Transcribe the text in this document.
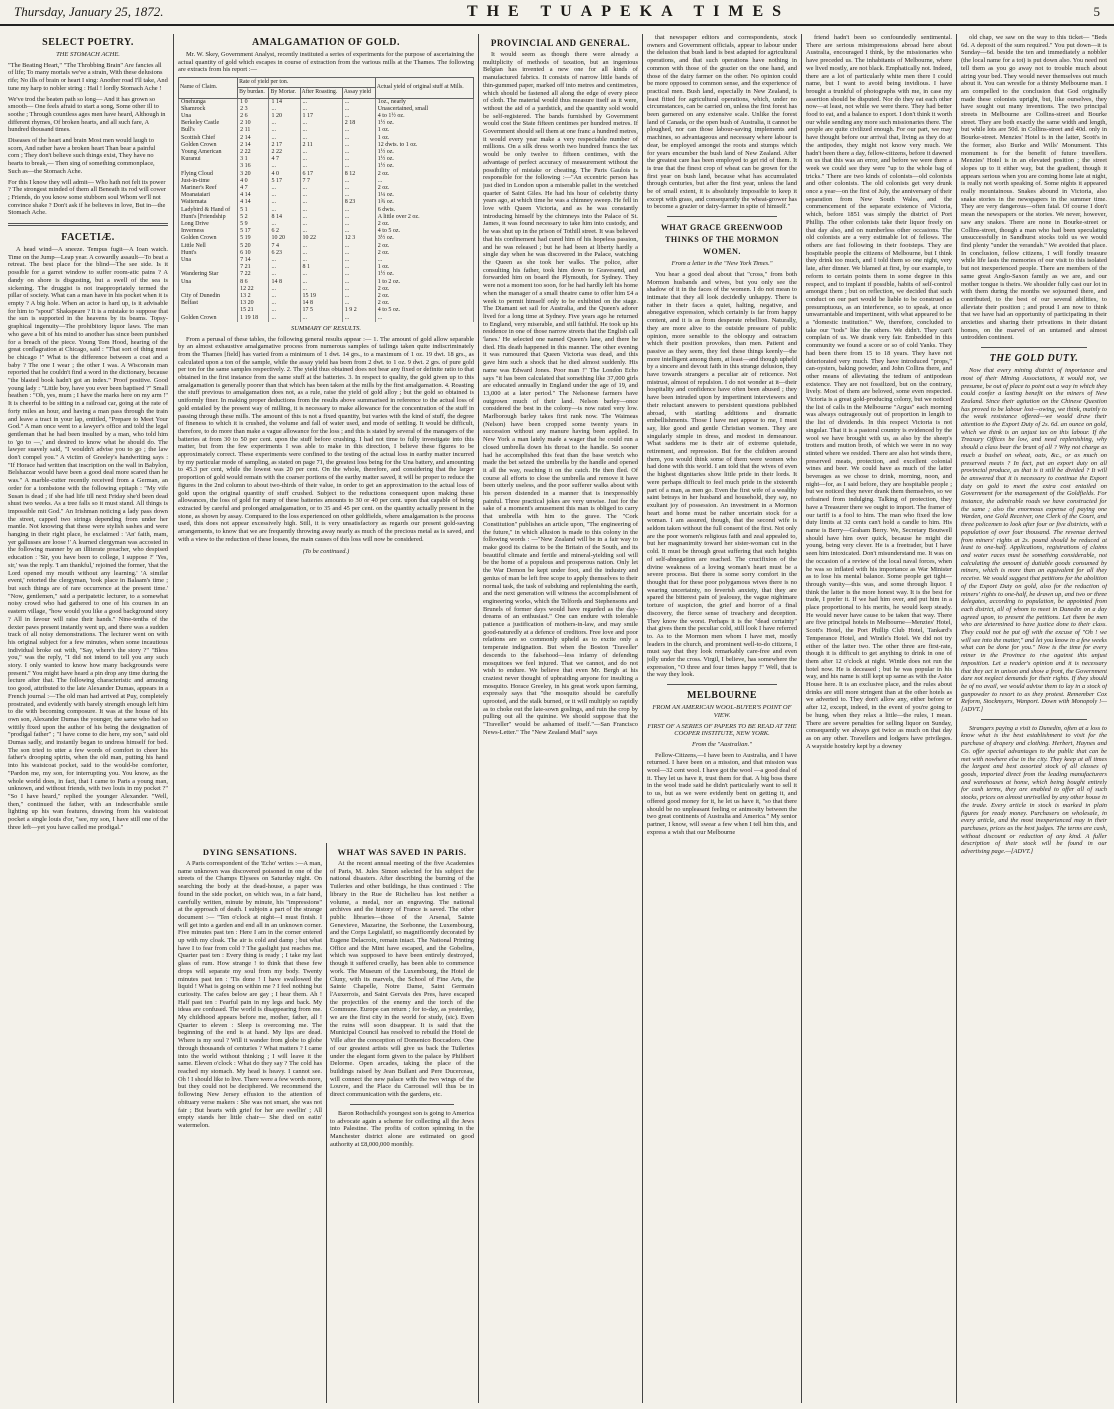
Thursday, January 25, 1872.	THE TUAPEKA TIMES	5
SELECT POETRY.
THE STOMACH ACHE.

"The Beating Heart," "The Throbbing Brain" Are fancies all of life; To many mortals we've a strain, With these delusions rife; No ills of brain or heart I sing: Another road I'll take, And tune my harp to nobler string : Hail ! lordly Stomach Ache !

We've trod the beaten path so long— And it has grown so smooth— One feels afraid to start a song, Some other ill to soothe ; Through countless ages men have heard, Although in different rhymes, Of broken hearts, and all such fare, A hundred thousand times.

Diseases of the heart and brain Most men would laugh to scorn, And rather have a broken heart Than bear a painful corn ; They don't believe such things exist, They have no hearts to break,— Then sing of something commonplace, Such as—the Stomach Ache.

For this I know they will admit— Who hath not felt its power ? The strongest minded of them all Beneath its rod will cower ; Friends, do you know some stubborn soul Whom we'll not convince shake ? Don't ask if he believes in love, But in—the Stomach Ache.

FACETIÆ.

A head wind—A sneeze. Tempus fugit—A Ioan watch. Time on the Jump—Leap year. A cowardly assault—To beat a retreat. The best place for the blind—The see side. Is it possible for a garret window to suffer room-atic pains ? A dandy on shore is disgusting, but a swell of the sea is sickening. The druggist is not inappropriately termed the pillar of society. What can a man have in his pocket when it is empty ? A big hole. When an actor is hard up, is it advisable for him to "spout" Shakspeare ? It is a mistake to suppose that the sun is supported in the heavens by its beams. Topsy-graphical ingenuity—The prohibitory liquor laws. The man who gave a bit of his mind to another has since been punished for a breach of the piece. Young Tom Hood, hearing of the great conflagration at Chicago, said : "That sort of thing must be chicago !" What is the difference between a coat and a baby ? The one I wear ; the other I was. A Wisconsin man reported that he couldn't find a word in the dictionary, because "the blasted book hadn't got an index." Proof positive. Good young lady : "Little boy, have you ever been baptised ?" Small heathen : "Oh, yes, mum ; I have the marks here on my arm !" It is cheerful to be sitting in a railroad car, going at the rate of forty miles an hour, and having a man pass through the train and leave a tract in your lap, entitled, "Prepare to Meet Your God." A man once went to a lawyer's office and told the legal gentleman that he had been insulted by a man, who told him to 'go to —,' and desired to know what he should do. The lawyer suavely said, "I wouldn't advise you to go ; the law don't compel you." A victim of Greeley's handwriting says : "If Horace had written that inscription on the wall in Babylon, Belshazzar would have been a good deal more scared than he was." A marble-cutter recently received from a German, an order for a tombstone with the following epitaph : "My vife Susan is dead ; if she had life till next Friday she'd been dead shust two weeks. As a tree falls so it must stand. All things is impossible mit God." An Irishman noticing a lady pass down the street, capped two strings depending from under her mantle. Not knowing that these were stylish sashes and were hanging in their right place, he exclaimed : 'An' faith, mam, yer gallusses are loose !' A learned clergyman was accosted in the following manner by an illiterate preacher, who despised education : 'Sir, you have been to college, I suppose ?' 'Yes, sir,' was the reply. 'I am thankful,' rejoined the former, 'that the Lord opened my mouth without any learning.' 'A similar event,' retorted the clergyman, 'took place in Balaam's time ; but such things are of rare occurrence at the present time.' "Now, gentlemen," said a peripatetic lecturer, to a somewhat noisy crowd who had gathered to one of his courses in an eastern village, "how would you like a good background story ? All in favour will raise their hands." Nine-tenths of the dexter paws present instantly went up, and there was a sudden track of all noisy demonstrations. The lecturer went on with his original subject for a few minutes, when some incautious individual broke out with, "Say, where's the story ?" "Bless you," was the reply, "I did not intend to tell you any such story. I only wanted to know how many backgrounds were present." You might have heard a pin drop any time during the lecture after that. The following characteristic and amusing too good, attributed to the late Alexander Dumas, appears in a French journal :—The old man had arrived at Puy, completely prostrated, and evidently with barely strength enough left him to die with becoming composure. It was at the house of his own son, Alexander Dumas the younger, the same who had so wittily fixed upon the author of his being the designation of "prodigal father" ; "I have come to die here, my son," said old Dumas sadly, and instantly began to undress himself for bed. The son tried to utter a few words of comfort to cheer his father's drooping spirits, when the old man, putting his hand into his waistcoat pocket, said to the would-be comforter, "Pardon me, my son, for interrupting you. You know, as the whole world does, in fact, that I came to Paris a young man, unknown, and without friends, with two louis in my pocket ?" "So I have heard," replied the younger Alexander. "Well, then," continued the father, with an indescribable smile lighting up his wan features, drawing from his waistcoat pocket a single louis d'or, "see, my son, I have still one of the three left—yet you have called me prodigal."

AMALGAMATION OF GOLD.

Mr. W. Skey, Government Analyst, recently instituted a series of experiments for the purpose of ascertaining the actual quantity of gold which escapes in course of extraction from the various mills at the Thames. The following are extracts from his report :—

Name of Claim.	Rate of yield per ton.				Actual yield of original stuff at Mills.
	By burdan.	By Mortar.	After Roasting.	Assay yield	
Onehunga	1 0	1 14	...	...	1oz., nearly
Shamrock	2 3	...	...	...	Unascertained, small
Una	2 6	1 20	1 17	...	4 to 1½ oz.
Berkeley Castle	2 10	...	...	2 18	1½ oz.
Bull's	2 11	...	...	...	1 oz.
Scottish Chief	2 14	...	...	...	1 oz.
Golden Crown	2 14	2 17	2 11	...	12 dwts. to 1 oz.
Young American	2 22	2 22	...	...	1½ oz.
Kuranui	3 1	4 7	...	...	1½ oz.
	3 16	...	...	...	1½ oz.
Flying Cloud	3 20	4 0	6 17	8 12	2 oz.
Just-in-time	4 0	5 17	7 7	...	...
Mariner's Reef	4 7	...	...	...	2 oz.
Moanataiari	4 14	...	...	...	1¼ oz.
Waitemata	4 14	...	...	8 23	1¾ oz.
Ladybird & Hand of	5 1	...	...	...	6 dwts.
Hunt's [Friendship	5 2	8 14	...	...	A little over 2 oz.
Long Drive	5 9	...	...	...	2 oz.
Inverness	5 17	6 2	...	...	4 to 5 oz.
Golden Crown	5 19	10 20	10 22	12 3	3½ oz.
Little Nell	5 20	7 4	...	...	2 oz.
Hunt's	6 10	6 23	...	...	2 oz.
Una	7 14	...	...	...	...
	7 21	...	8 1	...	1 oz.
Wandering Star	7 22	...	...	...	1½ oz.
Una	8 6	14 8	...	...	1 to 2 oz.
	12 22	...	...	...	2 oz.
City of Dunedin	13 2	...	15 19	...	2 oz.
Belfast	13 20	...	14 8	...	2 oz.
	15 21	...	17 5	1 9 2	4 to 5 oz.
Golden Crown	1 19 18	...	...	...	...
SUMMARY OF RESULTS.

From a perusal of these tables, the following general results appear :— 1. The amount of gold allow separable by an almost exhaustive amalgamative process from numerous samples of tailings taken quite indiscriminately from the Thames [field] has varied from a minimum of 1 dwt. 14 grs., to a maximum of 1 oz. 19 dwt. 18 grs., as calculated upon a ton of the sample, while the assay yield has been from 2 dwt. to 1 oz. 9 dwt. 2 grs. of pure gold per ton for the same samples respectively. 2. The yield thus obtained does not bear any fixed or definite ratio to that obtained in the first instance from the same stuff at the batteries. 3. In respect to quality, the gold given up to this amalgamation is generally poorer than that which has been taken at the mills by the first amalgamation. 4. Roasting the stuff previous to amalgamation does not, as a rule, raise the yield of gold alloy ; but the gold so obtained is uniformly finer. In making proper deductions from the results above summarised in reference to the actual loss of gold entailed by the present way of milling, it is necessary to make allowance for the concentration of the stuff in passing through these mills. The amount of this is not a fixed quantity, but varies with the kind of stuff, the degree of fineness to which it is crushed, the volume and fall of water used, and mode of settling. It would be difficult, therefore, to do more than make a vague allowance for the loss ; and this is stated by several of the managers of the batteries at from 30 to 50 per cent. upon the stuff before crushing. I had not time to fully investigate into this matter, but from the few experiments I was able to make in this direction, I believe these figures to be approximately correct. These experiments were confined to the testing of the actual loss in earthy matter incurred by my particular mode of sampling, as stated on page 71, the greatest loss being for the Una battery, and amounting to 45.3 per cent, while the lowest was 20 per cent. On the whole, therefore, and considering that the larger proportion of gold would remain with the coarser portions of the earthy matter saved, it will be proper to reduce the figures in the 2nd column to about two-thirds of their value, in order to get an approximation to the actual loss of gold upon the original quantity of stuff crushed. Subject to the reductions consequent upon making these allowances, the loss of gold for many of these batteries amounts to 30 or 40 per cent. upon that capable of being extracted by careful and prolonged amalgamation, or to 35 and 45 per cent. on the quantity actually present in the stone, as shown by assay. Compared to the loss experienced on other goldfields, where amalgamation is the process used, this does not appear excessively high. Still, it is very unsatisfactory as regards our present gold-saving arrangements, to know that we are frequently throwing away nearly as much of the precious metal as is saved, and with a view to the reduction of these losses, the main causes of this loss will now be considered.

(To be continued.)
DYING SENSATIONS.

A Paris correspondent of the 'Echo' writes :—A man, name unknown was discovered poisoned in one of the streets of the Champs Elysees on Saturday night. On searching the body at the dead-house, a paper was found in the side pocket, on which was, in a fair hand, carefully written, minute by minute, his "impressions" at the approach of death. I subjoin a part of the strange document :— "Ten o'clock at night—I must finish. I will get into a garden and end all in an unknown corner. Five minutes past ten : Here I am in the corner entered up with my cloak. The air is cold and damp ; but what have I to fear from cold ? The gaslight just reaches me. Quarter past ten : Every thing is ready ; I take my last glass of rum. How strange ! to think that these few drops will separate my soul from my body. Twenty minutes past ten : 'Tis done ! I have swallowed the liquid ! What is going on within me ? I feel nothing but curiosity. The cafes below are gay ; I hear them. Ah ! Half past ten : Fearful pain in my legs and back. My ideas are confused. The world is disappearing from me. My childhood appears before me, mother, father, all ! Quarter to eleven : Sleep is overcoming me. The beginning of the end is at hand. My lips are dead. Where is my soul ? Will it wander from globe to globe through thousands of centuries ? What matters ? I came into the world without thinking ; I will leave it the same. Eleven o'clock : What do they say ? The cold has reached my stomach. My head is heavy. I cannot see. Oh ! I should like to live. There were a few words more, but they could not be deciphered. We recommend the following New Jersey effusion to the attention of obituary verse makers : She was not smart, she was not fair ; But hearts with grief for her are swellin' ; All empty stands her little chair— She died on eatin' watermelon.

WHAT WAS SAVED IN PARIS.

At the recent annual meeting of the five Academies of Paris, M. Jules Simon selected for his subject the national disasters. After describing the burning of the Tuileries and other buildings, he thus continued : The library in the Rue de Richelieu has lost neither a volume, a medal, nor an engraving. The national archives and the history of France is saved. The other public libraries—those of the Arsenal, Sainte Genevieve, Mazarine, the Sorbonne, the Luxembourg, and the Corps Legislatif, so magnificently decorated by Eugene Delacroix, remain intact. The National Printing Office and the Mint have escaped, and the Gobelins, which was supposed to have been entirely destroyed, though it suffered cruelly, has been able to commence work. The Museum of the Luxembourg, the Hotel de Cluny, with its marvels, the School of Fine Arts, the Sainte Chapelle, Notre Dame, Saint Germain l'Auxerrois, and Saint Gervais des Pres, have escaped the projectiles of the enemy and the torch of the Commune. Europe can return ; for to-day, as yesterday, we are the first city in the world for study, (sic). Even the ruins will soon disappear. It is said that the Municipal Council has resolved to rebuild the Hotel de Ville after the conception of Domenico Boccadoro. One of our greatest artists will give us back the Tuileries under the elegant form given to the palace by Philibert Delorme. Open arcades, taking the place of the buildings raised by Jean Bullant and Pere Ducerceau, will connect the new palace with the two wings of the Louvre, and the Place du Carrousel will thus be in direct communication with the gardens, etc.

Baron Rothschild's youngest son is going to America to advocate again a scheme for collecting all the Jews into Palestine. The profits of cotton spinning in the Manchester district alone are estimated on good authority at £8,000,000 monthly.

PROVINCIAL AND GENERAL.

It would seem as though there were already a multiplicity of methods of taxation, but an ingenious Belgian has invented a new one for all kinds of manufactured fabrics. It consists of narrow little bands of thin-gummed paper, marked off into metres and centimetres, which should be fastened all along the edge of every piece of cloth. The material would thus measure itself as it were, without the aid of a yardstick, and the quantity sold would be self-registered. The bands furnished by Government would cost the State fifteen centimes per hundred metres. If Government should sell them at one franc a hundred metres, it would every year make a very respectable number of millions. On a silk dress worth two hundred francs the tax would be only twelve to fifteen centimes, with the advantage of perfect accuracy of measurement without the possibility of mistake or cheating. The Paris Gaulois is responsible for the following :—"An eccentric person has just died in London upon a miserable pallet in the wretched quarter of Saint Giles. He had his hour of celebrity thirty years ago, at which time he was a chimney sweep. He fell in love with Queen Victoria, and as he was constantly introducing himself by the chimneys into the Palace of St. James, it was found necessary to take him into custody, and he was shut up in the prison of Tothill street. It was believed that his confinement had cured him of his hopeless passion, and he was released ; but he had been at liberty hardly a single day when he was discovered in the Palace, watching the Queen as she took her walks. The police, after consulting his father, took him down to Gravesend, and forwarded him on board the Plymouth, for Sydney. They were not a moment too soon, for he had hardly left his home when the manager of a small theatre came to offer him £4 a week to permit himself only to be exhibited on the stage. The Diamant set sail for Australia, and the Queen's adorer lived for a long time at Sydney. Five years ago he returned to England, very miserable, and still faithful. He took up his residence in one of those narrow streets that the English call 'lanes.' He selected one named Queen's lane, and there he died. His death happened in this manner. The other evening it was rumoured that Queen Victoria was dead, and this gave him such a shock that he died almost suddenly. His name was Edward Jones. Poor man !" The London Echo says "it has been calculated that something like 37,000 girls are educated annually in England under the age of 19, and 13,000 at a later period." The Nelsonese farmers have outgrown much of their land. Nelson barley—once considered the best in the colony—is now rated very low. Marlborough barley takes first rank now. The Waimeas (Nelson) have been cropped some twenty years in succession without any manure having been applied. In New York a man lately made a wager that he could run a closed umbrella down his throat to the handle. So sooner had he accomplished this feat than the base wretch who made the bet seized the umbrella by the handle and opened it all the way, reaching it on the catch. He then fled. Of course all efforts to close the umbrella and remove it have been utterly useless, and the poor sufferer walks about with his person distended in a manner that is inexpressibly painful. Three practical jokes are very unwise. Just for the sake of a moment's amusement this man is obliged to carry that umbrella with him to the grave. The "Cork Constitution" publishes an article upon, "The engineering of the future," in which allusion is made to this colony in the following words : —"New Zealand will be in a fair way to make good its claims to be the Britain of the South, and its beautiful climate and fertile and mineral-yielding soil will be the home of a populous and prosperous nation. Only let the War Demon be kept under foot, and the industry and genius of man be left free scope to apply themselves to their normal task, the task of subduing and replenishing the earth, and the next generation will witness the accomplishment of engineering works, which the Telfords and Stephensons and Brunels of former days would have regarded as the day-dreams of an enthusiast." One can endure with tolerable patience a justification of mothers-in-law, and may smile good-naturedly at a defence of creditors. Free love and poor relations are so commonly upheld as to excite only a temperate indignation. But when the Boston 'Traveller' descends to the falsehood—less infamy of defending mosquitoes we feel injured. That we cannot, and do not wish to endure. We believe that even Mr. Bergh at his craziest never thought of upbraiding anyone for insulting a mosquito. Horace Greeley, in his great work upon farming, expressly says that "the mosquito should be carefully uprooted, and the stalk burned, or it will multiply so rapidly as to choke out the late-sown goslings, and ruin the crop by pulling out all the quinine. We should suppose that the "Traveller" would be ashamed of itself."—San Francisco News-Letter." The "New Zealand Mail" says

that newspaper editors and correspondents, stock owners and Government officials, appear to labour under the delusion that bush land is best adapted for agricultural operations, and that such operations have nothing in common with those of the grazier on the one hand, and those of the dairy farmer on the other. No opinion could be more opposed to common sense, and the experience of practical men. Bush land, especially in New Zealand, is least fitted for agricultural operations, which, under no circumstances, can be carried on, unless the first forest has been garnered on any extensive scale. Unlike the forest land of Canada, or the open bush of Australia, it cannot be ploughed, nor can those labour-saving implements and machines, so advantageous and necessary where labour is dear, be employed amongst the roots and stumps which for years encumber the bush land of New Zealand. After the greatest care has been employed to get rid of them. It is true that the finest crop of wheat can be grown for the first year on bush land, because what has accumulated through centuries, but after the first year, unless the land be of small extent, it is absolutely impossible to keep it except with grass, and consequently the wheat-grower has to become a grazier or dairy-farmer in spite of himself."

WHAT GRACE GREENWOOD THINKS OF THE MORMON WOMEN.
From a letter in the "New York Times."

You hear a good deal about that "cross," from both Mormon husbands and wives, but you only see the shadow of it in the faces of the women. I do not mean to intimate that they all look decidedly unhappy. There is rather in their faces a quiet, halting, negative, and abnegative expression, which certainly is far from happy content, and it is as from desperate rebellion. Naturally, they are more alive to the outside pressure of public opinion, more sensible to the obloquy and ostracism which their position provokes, than men. Patient and passive as they seem, they feel these things keenly—the more intelligent among them, at least—and though upheld by a sincere and devout faith in this strange delusion, they have towards strangers a peculiar air of reticence. Not mistrust, almost of repulsion. I do not wonder at it—their hospitality and confidence have often been abused ; they have been intruded upon by impertinent interviewers and their reluctant answers to persistent questions published abroad, with startling additions and dramatic embellishments. Those I have met appear to me, I must say, like good and gentle Christian women. They are singularly simple in dress, and modest in demeanour. What saddens me is their air of extreme quietude, retirement, and repression. But for the children around them, you would think some of them were women who had done with this world. I am told that the wives of even the highest dignitaries show little pride in their lords. It were perhaps difficult to feel much pride in the sixteenth part of a man, as men go. Even the first wife of a wealthy saint betrays in her husband and household, they say, no exultant joy of possession. An investment in a Mormon heart and home must be rather uncertain stock for a woman. I am assured, though, that the second wife is seldom taken without the full consent of the first. Not only are the poor women's religious faith and zeal appealed to, but her magnanimity toward her sister-woman cut in the cold. It must be through great suffering that such heights of self-abnegation are reached. The crucifixion of the divine weakness of a loving woman's heart must be a severe process. But there is some sorry comfort in the thought that for these poor polygamous wives there is no wearing uncertainty, no feverish anxiety, that they are spared the bitterest pain of jealousy, the vague nightmare torture of suspicion, the grief and horror of a final discovery, the fierce sense of treachery and deception. They know the worst. Perhaps it is the "dead certainty" that gives them the peculiar cold, still look I have referred to. As to the Mormon men whom I have met, mostly leaders in the church, and prominent well-to-do citizens, I must say that they look remarkably care-free and even jolly under the cross. Virgil, I believe, has somewhere the expression, "O three and four times happy !" Well, that is the way they look.

MELBOURNE
FROM AN AMERICAN WOOL-BUYER'S POINT OF VIEW.
FIRST OF A SERIES OF PAPERS TO BE READ AT THE COOPER INSTITUTE, NEW YORK.
From the "Australian."

Fellow-Citizens,—I have been to Australia, and I have returned. I have been on a mission, and that mission was wool—32 cent wool. I have got the wool —a good deal of it. They let us have it, trust them for that. A big boss there in the wool trade said he didn't particularly want to sell it to us, but as we were evidently bent on getting it, and offered good money for it, he let us have it, "so that there should be no unpleasant feeling or animosity between the two great continents of Australia and America." My senior partner, I know, will swear a few when I tell him this, and express a wish that our Melbourne

friend hadn't been so confoundedly sentimental. There are serious misimpressions abroad here about Australia, encouraged I think, by the missionaries who have preceded us. The inhabitants of Melbourne, where we lived mostly, are not black. Emphatically not. Indeed, there are a lot of particularly white men there I could name, but I want to avoid being invidious. I have brought a trunkful of photographs with me, in case my assertion should be disputed. Nor do they eat each other now—at least, not while we were there. They had better food to eat, and a balance to export. I don't think it worth our while sending any more such missionaries there. The people are quite civilized enough. For our part, we may have thought before our arrival that, living as they do at the antipodes, they might not know very much. We hadn't been there a day, fellow-citizens, before it dawned on us that this was an error, and before we were there a week we could see they were "up to the whole bag of tricks." There are two kinds of colonists—old colonists and other colonists. The old colonists get very drunk once a year—on the first of July, the anniversary of their separation from New South Wales, and the commencement of the separate existence of Victoria, which, before 1851 was simply the district of Port Phillip. The other colonists take their liquor freely on that day also, and on numberless other occasions. The old colonists are a very estimable lot of fellows. The others are fast following in their footsteps. They are hospitable people the citizens of Melbourne, but I think they drink too much, and I told them so one night, very late, after dinner. We blamed at first, by our example, to reform to certain points them in some degree in this respect, and to implant if possible, habits of self-control amongst them ; but on reflection, we decided that such conduct on our part would be liable to be construed as presumptuous, as an interference, so to speak, at once unwarrantable and impertinent, with what appeared to be a "domestic institution." We, therefore, concluded to take our "tods" like the others. We didn't. They can't complain of us. We drank very fair. Embedded in this community we found a score or so of cold Yanks. They had been there from 15 to 18 years. They have not deteriorated very much. They have introduced "props," can-oysters, baking powder, and John Collins there, and other means of alleviating the tedium of antipodean existence. They are not fossilized, but on the contrary, lively. Most of them are beloved, some even respected. Victoria is a great gold-producing colony, but we noticed the list of calls in the Melbourne "Argus" each morning was always outrageously out of proportion in length to the list of dividends. In this respect Victoria is not singular. That it is a pastoral country is evidenced by the wool we have brought with us, as also by the sheep's trotters and mutton broth, of which we were in no way stinted where we resided. There are also hot winds there, preserved meats, protection, and excellent colonial wines and beer. We could have as much of the latter beverages as we chose to drink, morning, noon, and night—for, as I said before, they are hospitable people ; but we noticed they never drank them themselves, so we refrained from indulging. Talking of protection, they have a Treasurer there we ought to import. The framer of our tariff is a fool to him. The man who fixed the low duty limits at 32 cents can't hold a candle to him. His name is Berry—Graham Berry. We, Secretary Boutwell should have him over quick, because he might die young, being very clever. He is a freetrader, but I have seen him intoxicated. Don't misunderstand me. It was on the occasion of a review of the local naval forces, when he was so inflated with his importance as War Minister as to lose his mental balance. Some people get tight—through vanity—this was, and some through liquor. I think the latter is the more honest way. It is the best for trade, I prefer it. If we had him over, and put him in a place proportional to his merits, he would keep steady. He would never have cause to be taken that way. There are five principal hotels in Melbourne—Menzies' Hotel, Scott's Hotel, the Port Phillip Club Hotel, Tankard's Temperance Hotel, and Wintle's Hotel. We did not try either of the latter two. The other three are first-rate, though it is difficult to get anything to drink in one of them after 12 o'clock at night. Wintle does not run the hotel now. He is deceased ; but he was popular in his way, and his name is still kept up same as with the Astor House here. It is an exclusive place, and the rules about drinks are still more stringent than at the other hotels as we adverted to. They don't allow any, either before or after 12, except, indeed, in the event of you're going to be hung, when they relax a little—the rules, I mean. There are severe penalties for selling liquor on Sunday, consequently we always got twice as much on that day as on any other. Travellers and lodgers have privileges. A wayside hostelry kept by a downey

old chap, we saw on the way to this ticket— "Beds 6d. A deposit of the sum required." You put down—it is Sunday—6d. beside the ten and immediately a nobbler (the local name for a tot) is put down also. You need not tell them as you go away not to trouble much about airing your bed. They would never themselves out much about it. You can wrestle for a thirsty Melbourne man. I am compelled to the conclusion that God originally made these colonists upright, but, like ourselves, they have sought out many inventions. The two principal streets in Melbourne are Collins-street and Bourke street. They are both exactly the same width and length, but while lots are 50d. in Collins-street and 40d. only in Bourke-street. Menzies' Hotel is in the latter, Scott's in the former, also Burke and Wills' Monument. This monument is for the benefit of future travellers. Menzies' Hotel is in an elevated position ; the street slopes up to it either way, but the gradient, though it appears serious when you are coming home late at night, is really not worth speaking of. Some nights it appeared really mountainous. Snakes abound in Victoria, also snake stories in the newspapers in the summer time. They are very dangerous—often fatal. Of course I don't mean the newspapers or the stories. We never, however, saw any snakes. There are none in Bourke-street or Collins-street, though a man who had been speculating unsuccessfully in Sandhurst stocks told us we would find plenty "under the verandah." We avoided that place. In conclusion, fellow citizens, I will fondly treasure while life lasts the memories of our visit to this isolated but not inexperienced people. There are members of the same great Anglo-Saxon family as we are, and our mother tongue is theirs. We shoulder fully cast our lot in with them during the months we sojourned there, and contributed, to the best of our several abilities, to alleviate their position ; and proud I am now to think that we have had an opportunity of participating in their anxieties and sharing their privations in their distant homes, on the marvel of an untamed and almost untrodden continent.

THE GOLD DUTY.

Now that every mining district of importance and most of their Mining Associations, it would not, we presume, be out of place to point out a way in which they could confer a lasting benefit on the miners of New Zealand. Since their agitation on the Chinese Question has proved to be labour lost—owing, we think, mainly to the weak resistance offered—we would draw their attention to the Export Duty of 2s. 6d. an ounce on gold, which we think is an unjust tax on this labour. If the Treasury Offices be low, and need replenishing, why should a class bear the brunt of all ? Why not charge as much a bushel on wheat, oats, &c., or as much on preserved meats ? In fact, put an export duty on all provincial produce, as that is it still be divided ? It will be answered that it is necessary to continue the Export duty on gold to meet the extra cost entailed on Government for the management of the Goldfields. For instance, the admirable roads we have constructed for the same ; also the enormous expense of paying one Warden, one Gold Receiver, one Clerk of the Court, and three policemen to look after four or five districts, with a population of over four thousand. The revenue derived from miners' rights at 2s. pound should be reduced at least to one-half. Applications, registrations of claims and water races must be something considerable, not calculating the amount of dutiable goods consumed by miners, which is more than an equivalent for all they receive. We would suggest that petitions for the abolition of the Export Duty on gold, also for the reduction of miners' rights to one-half, be drawn up, and two or three delegates, according to population, be appointed from each district, all of whom to meet in Dunedin on a day agreed upon, to present the petitions. Let them be men who are determined to have justice done to their class. They could not be put off with the excuse of "Oh ! we will see into the matter," and let you know in a few weeks what can be done for you." Now is the time for every miner in the Province to rise against this unjust imposition. Let a reader's opinion and it is necessary that they act in unison and show a front, the Government dare not neglect demands for their rights. If they should be of no avail, we would advise them to lay in a stock of gunpowder to resort to as they protest. Remember Cox Reform, Stockmyers, Wanport. Down with Monopoly !—[ADVT.]

Strangers paying a visit to Dunedin, often at a loss to know what is the best establishment to visit for the purchase of drapery and clothing. Herbert, Haynes and Co. offer special advantages to the public that can be met with nowhere else in the city. They keep at all times the largest and best assorted stock of all classes of goods, imported direct from the leading manufacturers and warehouses at home, which being bought entirely for cash terms, they are enabled to offer all of such stocks, prices on almost unrivalled by any other house in the trade. Every article in stock is marked in plain figures for ready money. Purchasers on wholesale, in every article, and the most inexperienced may in their purchases, prices as the best judges. The terms are cash, without discount or reduction of any kind. A fuller description of their stock will be found in our advertising page.—[ADVT.]
